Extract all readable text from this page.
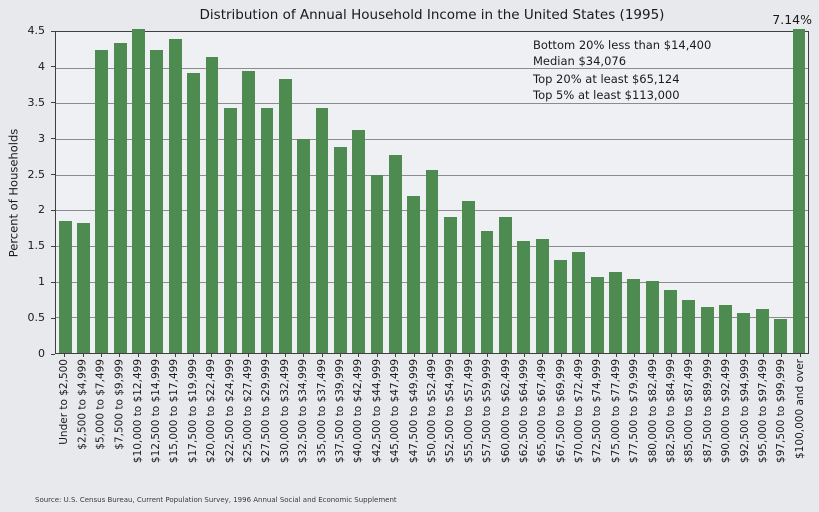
Distribution of Annual Household Income in the United States (1995)	7.14%
Percent of Households
0
0.5
1
1.5
2
2.5
3
3.5
4
4.5
Bottom 20% less than $14,400
Median $34,076
Top 20% at least $65,124
Top 5% at least $113,000
Under to $2,500 $2,500 to $4,999 $5,000 to $7,499 $7,500 to $9,999 $10,000 to $12,499 $12,500 to $14,999 $15,000 to $17,499 $17,500 to $19,999 $20,000 to $22,499 $22,500 to $24,999 $25,000 to $27,499 $27,500 to $29,999 $30,000 to $32,499 $32,500 to $34,999 $35,000 to $37,499 $37,500 to $39,999 $40,000 to $42,499 $42,500 to $44,999 $45,000 to $47,499 $47,500 to $49,999 $50,000 to $52,499 $52,500 to $54,999 $55,000 to $57,499 $57,500 to $59,999 $60,000 to $62,499 $62,500 to $64,999 $65,000 to $67,499 $67,500 to $69,999 $70,000 to $72,499 $72,500 to $74,999 $75,000 to $77,499 $77,500 to $79,999 $80,000 to $82,499 $82,500 to $84,999 $85,000 to $87,499 $87,500 to $89,999 $90,000 to $92,499 $92,500 to $94,999 $95,000 to $97,499 $97,500 to $99,999 $100,000 and over
Source: U.S. Census Bureau, Current Population Survey, 1996 Annual Social and Economic Supplement
